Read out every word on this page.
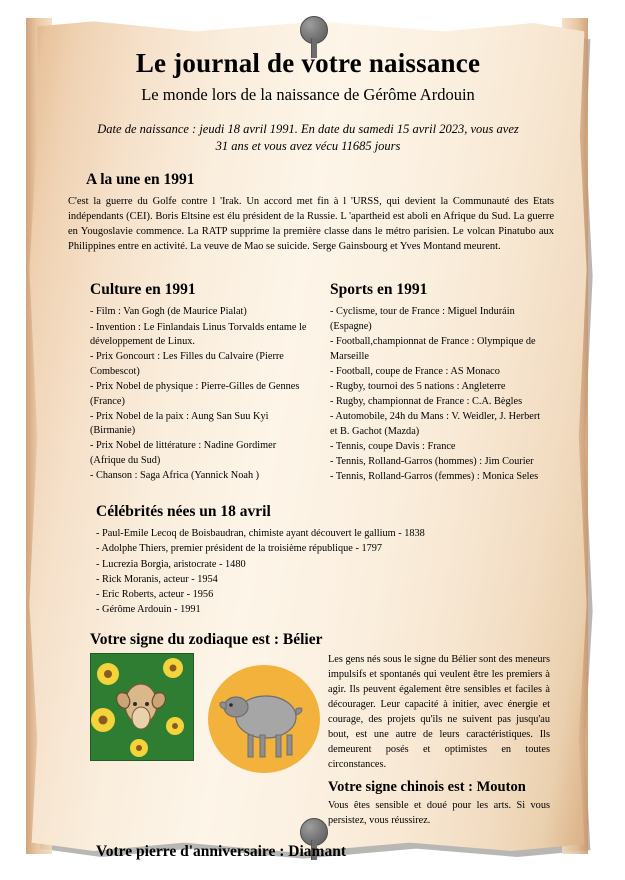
Le journal de votre naissance

Le monde lors de la naissance de Gérôme Ardouin

Date de naissance : jeudi 18 avril 1991. En date du samedi 15 avril 2023, vous avez 31 ans et vous avez vécu 11685 jours

A la une en 1991
C'est la guerre du Golfe contre l 'Irak. Un accord met fin à l 'URSS, qui devient la Communauté des Etats indépendants (CEI). Boris Eltsine est élu président de la Russie. L 'apartheid est aboli en Afrique du Sud. La guerre en Yougoslavie commence. La RATP supprime la première classe dans le métro parisien. Le volcan Pinatubo aux Philippines entre en activité. La veuve de Mao se suicide. Serge Gainsbourg et Yves Montand meurent.
Culture en 1991
- Film : Van Gogh (de Maurice Pialat)
- Invention : Le Finlandais Linus Torvalds entame le développement de Linux.
- Prix Goncourt : Les Filles du Calvaire (Pierre Combescot)
- Prix Nobel de physique : Pierre-Gilles de Gennes (France)
- Prix Nobel de la paix : Aung San Suu Kyi (Birmanie)
- Prix Nobel de littérature : Nadine Gordimer (Afrique du Sud)
- Chanson : Saga Africa (Yannick Noah )
Sports en 1991
- Cyclisme, tour de France : Miguel Induráin (Espagne)
- Football,championnat de France : Olympique de Marseille
- Football, coupe de France : AS Monaco
- Rugby, tournoi des 5 nations : Angleterre
- Rugby, championnat de France : C.A. Bègles
- Automobile, 24h du Mans : V. Weidler, J. Herbert et B. Gachot (Mazda)
- Tennis, coupe Davis : France
- Tennis, Rolland-Garros (hommes) : Jim Courier
- Tennis, Rolland-Garros (femmes) : Monica Seles
Célébrités nées un 18 avril
- Paul-Emile Lecoq de Boisbaudran, chimiste ayant découvert le gallium - 1838
- Adolphe Thiers, premier président de la troisième république - 1797
- Lucrezia Borgia, aristocrate - 1480
- Rick Moranis, acteur - 1954
- Eric Roberts, acteur - 1956
- Gérôme Ardouin - 1991
Votre signe du zodiaque est : Bélier
Les gens nés sous le signe du Bélier sont des meneurs impulsifs et spontanés qui veulent être les premiers à agir. Ils peuvent également être sensibles et faciles à décourager. Leur capacité à initier, avec énergie et courage, des projets qu'ils ne suivent pas jusqu'au bout, est une autre de leurs caractéristiques. Ils demeurent posés et optimistes en toutes circonstances.
Votre signe chinois est : Mouton
Vous êtes sensible et doué pour les arts. Si vous persistez, vous réussirez.
Votre pierre d'anniversaire : Diamant
